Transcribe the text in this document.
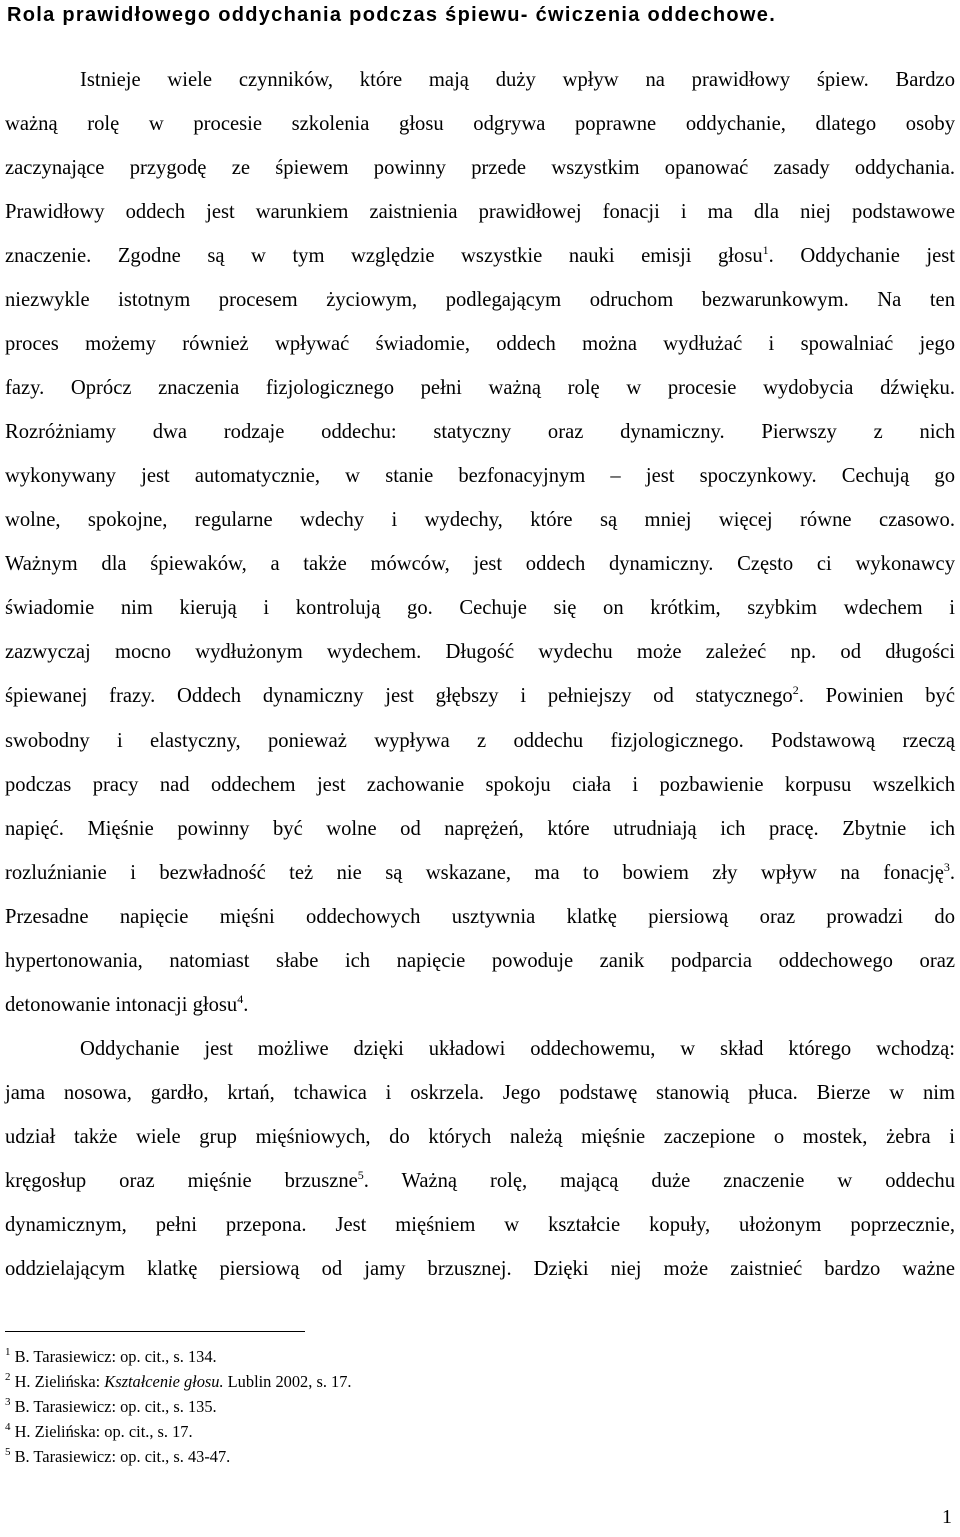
Rola prawidłowego oddychania podczas śpiewu- ćwiczenia oddechowe.
Istnieje wiele czynników, które mają duży wpływ na prawidłowy śpiew. Bardzo
ważną rolę w procesie szkolenia głosu odgrywa poprawne oddychanie, dlatego osoby
zaczynające przygodę ze śpiewem powinny przede wszystkim opanować zasady oddychania.
Prawidłowy oddech jest warunkiem zaistnienia prawidłowej fonacji i ma dla niej podstawowe
znaczenie. Zgodne są w tym względzie wszystkie nauki emisji głosu$^1$. Oddychanie jest
niezwykle istotnym procesem życiowym, podlegającym odruchom bezwarunkowym. Na ten
proces możemy również wpływać świadomie, oddech można wydłużać i spowalniać jego
fazy. Oprócz znaczenia fizjologicznego pełni ważną rolę w procesie wydobycia dźwięku.
Rozróżniamy dwa rodzaje oddechu: statyczny oraz dynamiczny. Pierwszy z nich
wykonywany jest automatycznie, w stanie bezfonacyjnym – jest spoczynkowy. Cechują go
wolne, spokojne, regularne wdechy i wydechy, które są mniej więcej równe czasowo.
Ważnym dla śpiewaków, a także mówców, jest oddech dynamiczny. Często ci wykonawcy
świadomie nim kierują i kontrolują go. Cechuje się on krótkim, szybkim wdechem i
zazwyczaj mocno wydłużonym wydechem. Długość wydechu może zależeć np. od długości
śpiewanej frazy. Oddech dynamiczny jest głębszy i pełniejszy od statycznego$^2$. Powinien być
swobodny i elastyczny, ponieważ wypływa z oddechu fizjologicznego. Podstawową rzeczą
podczas pracy nad oddechem jest zachowanie spokoju ciała i pozbawienie korpusu wszelkich
napięć. Mięśnie powinny być wolne od naprężeń, które utrudniają ich pracę. Zbytnie ich
rozluźnianie i bezwładność też nie są wskazane, ma to bowiem zły wpływ na fonację$^3$.
Przesadne napięcie mięśni oddechowych usztywnia klatkę piersiową oraz prowadzi do
hypertonowania, natomiast słabe ich napięcie powoduje zanik podparcia oddechowego oraz
detonowanie intonacji głosu$^4$.
Oddychanie jest możliwe dzięki układowi oddechowemu, w skład którego wchodzą:
jama nosowa, gardło, krtań, tchawica i oskrzela. Jego podstawę stanowią płuca. Bierze w nim
udział także wiele grup mięśniowych, do których należą mięśnie zaczepione o mostek, żebra i
kręgosłup oraz mięśnie brzuszne$^5$. Ważną rolę, mającą duże znaczenie w oddechu
dynamicznym, pełni przepona. Jest mięśniem w kształcie kopuły, ułożonym poprzecznie,
oddzielającym klatkę piersiową od jamy brzusznej. Dzięki niej może zaistnieć bardzo ważne
$^1$ B. Tarasiewicz: op. cit., s. 134.
$^2$ H. Zielińska: Kształcenie głosu. Lublin 2002, s. 17.
$^3$ B. Tarasiewicz: op. cit., s. 135.
$^4$ H. Zielińska: op. cit., s. 17.
$^5$ B. Tarasiewicz: op. cit., s. 43-47.
1
